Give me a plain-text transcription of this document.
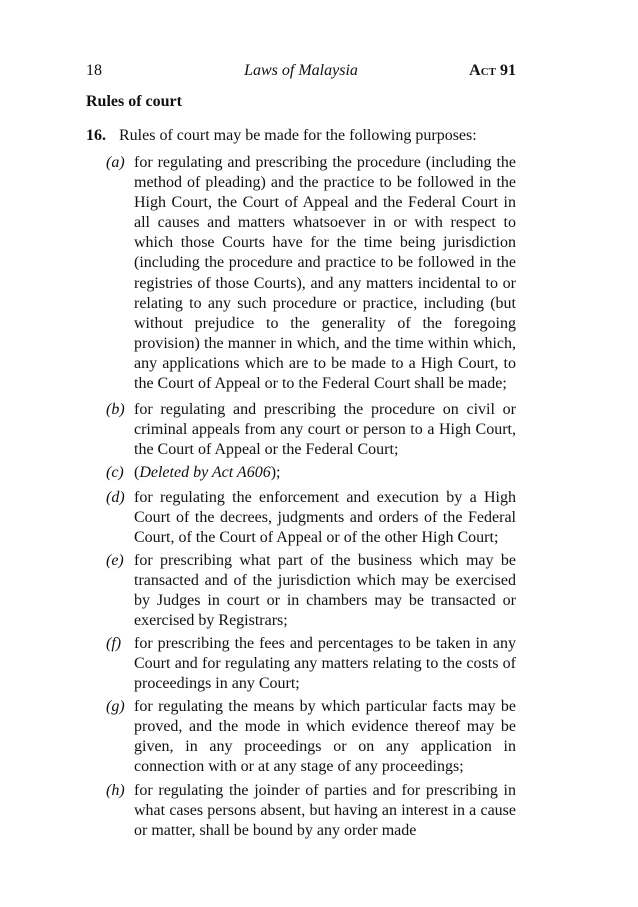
18	Laws of Malaysia	Act 91
Rules of court
16. Rules of court may be made for the following purposes:
(a) for regulating and prescribing the procedure (including the method of pleading) and the practice to be followed in the High Court, the Court of Appeal and the Federal Court in all causes and matters whatsoever in or with respect to which those Courts have for the time being jurisdiction (including the procedure and practice to be followed in the registries of those Courts), and any matters incidental to or relating to any such procedure or practice, including (but without prejudice to the generality of the foregoing provision) the manner in which, and the time within which, any applications which are to be made to a High Court, to the Court of Appeal or to the Federal Court shall be made;
(b) for regulating and prescribing the procedure on civil or criminal appeals from any court or person to a High Court, the Court of Appeal or the Federal Court;
(c) (Deleted by Act A606);
(d) for regulating the enforcement and execution by a High Court of the decrees, judgments and orders of the Federal Court, of the Court of Appeal or of the other High Court;
(e) for prescribing what part of the business which may be transacted and of the jurisdiction which may be exercised by Judges in court or in chambers may be transacted or exercised by Registrars;
(f) for prescribing the fees and percentages to be taken in any Court and for regulating any matters relating to the costs of proceedings in any Court;
(g) for regulating the means by which particular facts may be proved, and the mode in which evidence thereof may be given, in any proceedings or on any application in connection with or at any stage of any proceedings;
(h) for regulating the joinder of parties and for prescribing in what cases persons absent, but having an interest in a cause or matter, shall be bound by any order made
